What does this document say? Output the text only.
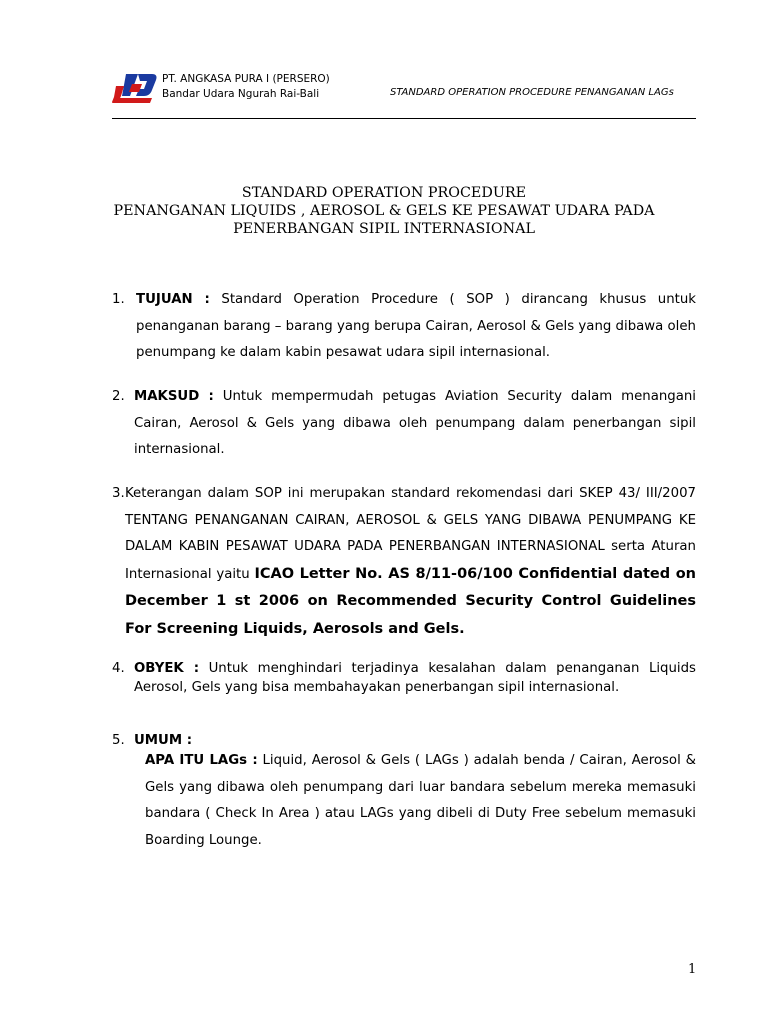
PT. ANGKASA PURA I (PERSERO)
Bandar Udara Ngurah Rai-Bali	STANDARD OPERATION PROCEDURE PENANGANAN LAGs
STANDARD OPERATION PROCEDURE
PENANGANAN LIQUIDS , AEROSOL & GELS KE PESAWAT UDARA PADA
PENERBANGAN SIPIL INTERNASIONAL
1. TUJUAN : Standard Operation Procedure ( SOP ) dirancang khusus untuk penanganan barang – barang yang berupa Cairan, Aerosol & Gels yang dibawa oleh penumpang ke dalam kabin pesawat udara sipil internasional.

2. MAKSUD : Untuk mempermudah petugas Aviation Security dalam menangani Cairan, Aerosol & Gels yang dibawa oleh penumpang dalam penerbangan sipil internasional.

3. Keterangan dalam SOP ini merupakan standard rekomendasi dari SKEP 43/ III/2007 TENTANG PENANGANAN CAIRAN, AEROSOL & GELS YANG DIBAWA PENUMPANG KE DALAM KABIN PESAWAT UDARA PADA PENERBANGAN INTERNASIONAL serta Aturan Internasional yaitu ICAO Letter No. AS 8/11-06/100 Confidential dated on December 1 st 2006 on Recommended Security Control Guidelines For Screening Liquids, Aerosols and Gels.

4. OBYEK : Untuk menghindari terjadinya kesalahan dalam penanganan Liquids Aerosol, Gels yang bisa membahayakan penerbangan sipil internasional.

5. UMUM :

APA ITU LAGs : Liquid, Aerosol & Gels ( LAGs ) adalah benda / Cairan, Aerosol & Gels yang dibawa oleh penumpang dari luar bandara sebelum mereka memasuki bandara ( Check In Area ) atau LAGs yang dibeli di Duty Free sebelum memasuki Boarding Lounge.

1
